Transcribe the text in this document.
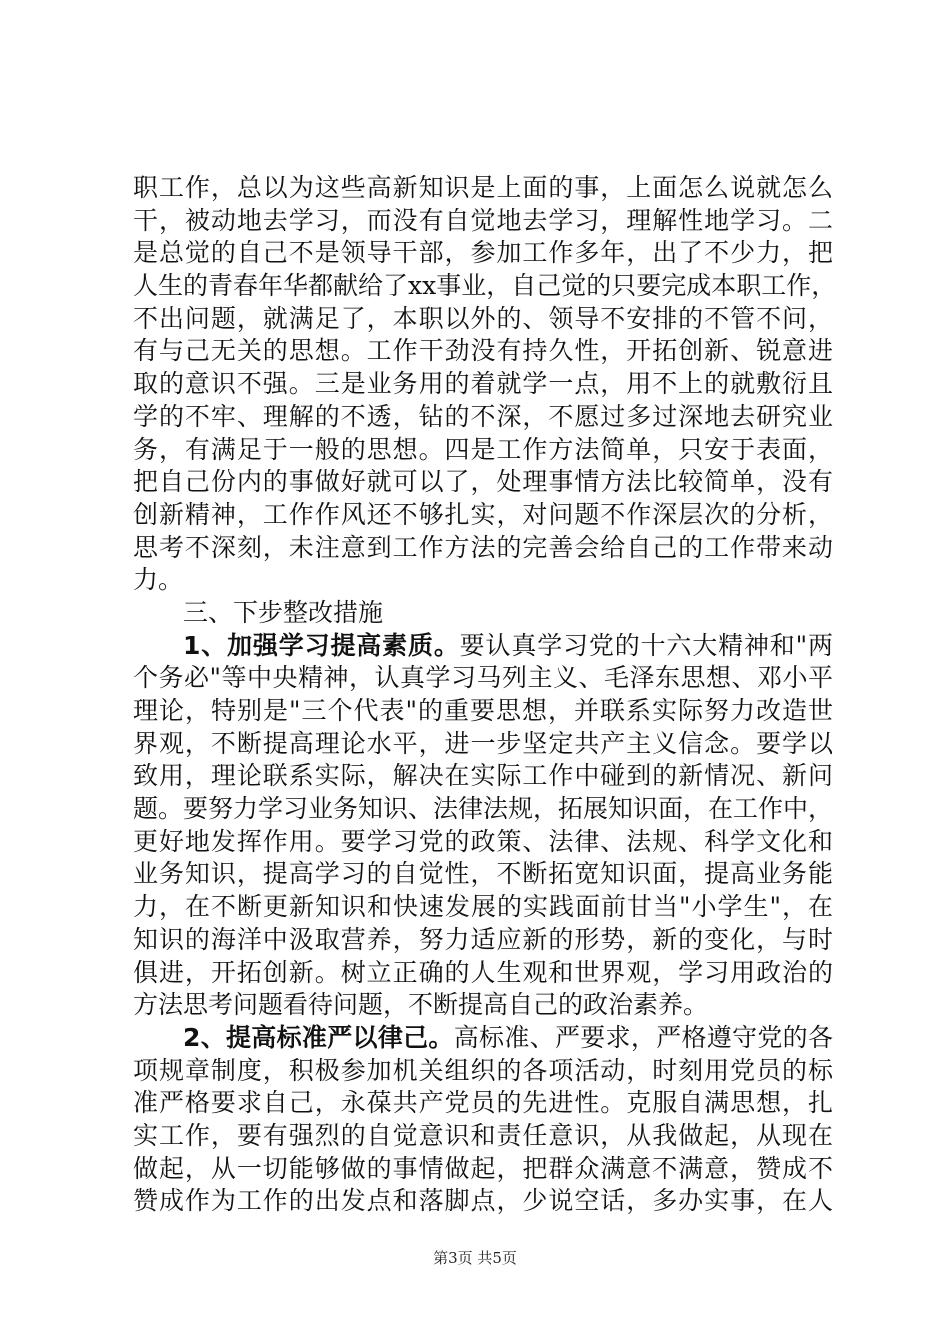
职工作，总以为这些高新知识是上面的事，上面怎么说就怎么
干，被动地去学习，而没有自觉地去学习，理解性地学习。二
是总觉的自己不是领导干部，参加工作多年，出了不少力，把
人生的青春年华都献给了xx事业，自己觉的只要完成本职工作，
不出问题，就满足了，本职以外的、领导不安排的不管不问，
有与己无关的思想。工作干劲没有持久性，开拓创新、锐意进
取的意识不强。三是业务用的着就学一点，用不上的就敷衍且
学的不牢、理解的不透，钻的不深，不愿过多过深地去研究业
务，有满足于一般的思想。四是工作方法简单，只安于表面，
把自己份内的事做好就可以了，处理事情方法比较简单，没有
创新精神，工作作风还不够扎实，对问题不作深层次的分析，
思考不深刻，未注意到工作方法的完善会给自己的工作带来动
力。
三、下步整改措施
1、加强学习提高素质。要认真学习党的十六大精神和"两
个务必"等中央精神，认真学习马列主义、毛泽东思想、邓小平
理论，特别是"三个代表"的重要思想，并联系实际努力改造世
界观，不断提高理论水平，进一步坚定共产主义信念。要学以
致用，理论联系实际，解决在实际工作中碰到的新情况、新问
题。要努力学习业务知识、法律法规，拓展知识面，在工作中，
更好地发挥作用。要学习党的政策、法律、法规、科学文化和
业务知识，提高学习的自觉性，不断拓宽知识面，提高业务能
力，在不断更新知识和快速发展的实践面前甘当"小学生"，在
知识的海洋中汲取营养，努力适应新的形势，新的变化，与时
俱进，开拓创新。树立正确的人生观和世界观，学习用政治的
方法思考问题看待问题，不断提高自己的政治素养。
2、提高标准严以律己。高标准、严要求，严格遵守党的各
项规章制度，积极参加机关组织的各项活动，时刻用党员的标
准严格要求自己，永葆共产党员的先进性。克服自满思想，扎
实工作，要有强烈的自觉意识和责任意识，从我做起，从现在
做起，从一切能够做的事情做起，把群众满意不满意，赞成不
赞成作为工作的出发点和落脚点，少说空话，多办实事，在人
第3页 共5页
